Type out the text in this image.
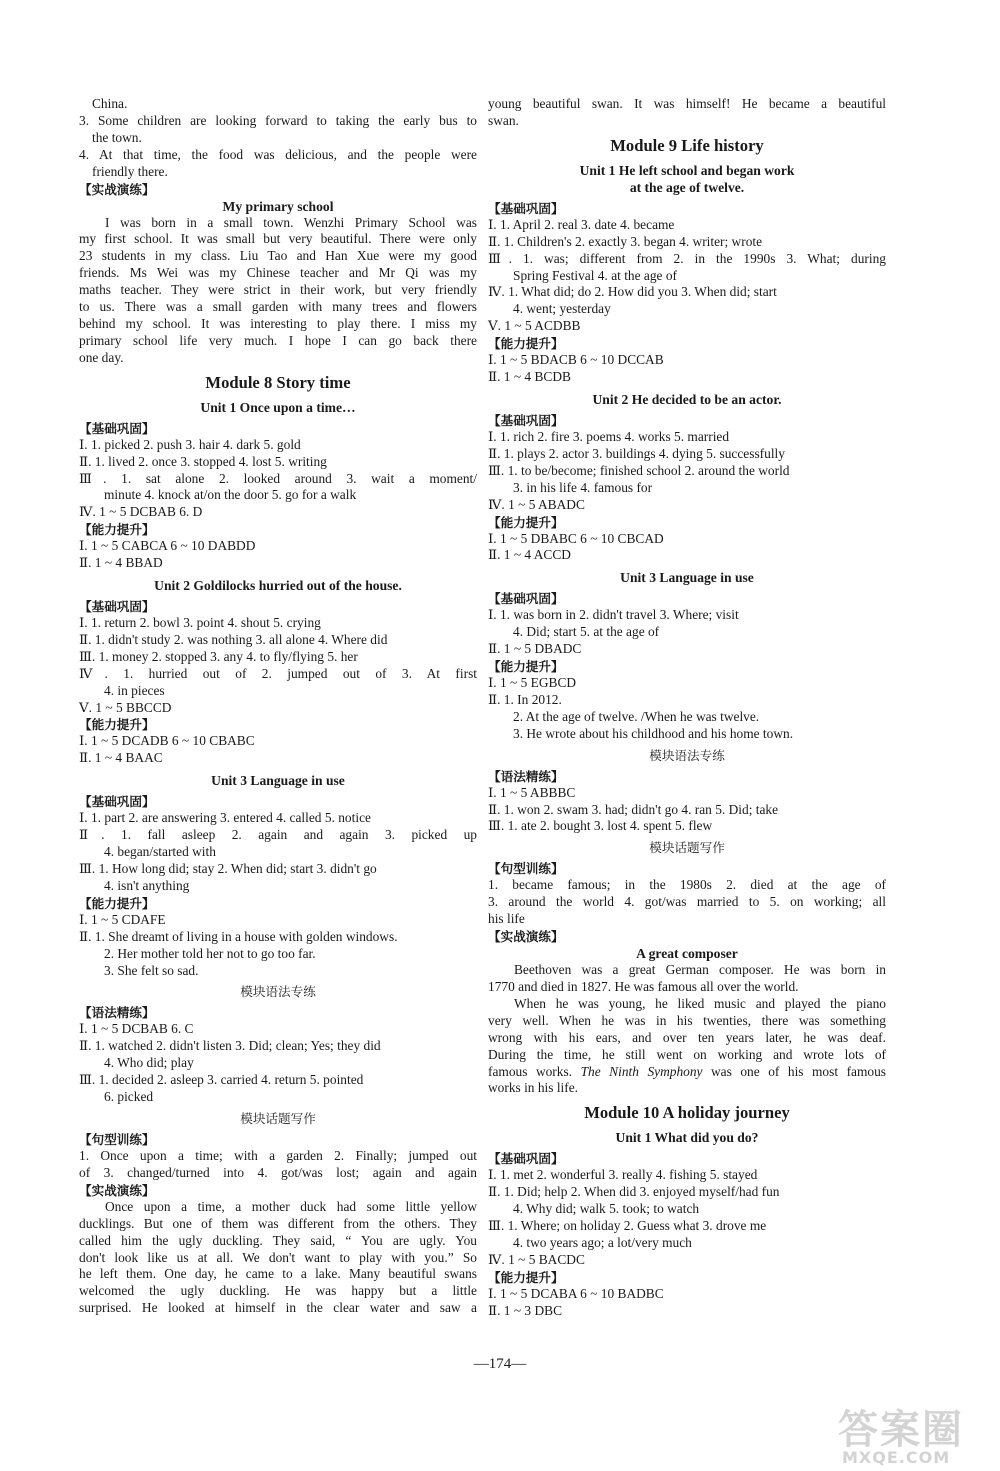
China.
3. Some children are looking forward to taking the early bus to
the town.
4. At that time, the food was delicious, and the people were
friendly there.
【实战演练】
My primary school
I was born in a small town. Wenzhi Primary School was
my first school. It was small but very beautiful. There were only
23 students in my class. Liu Tao and Han Xue were my good
friends. Ms Wei was my Chinese teacher and Mr Qi was my
maths teacher. They were strict in their work, but very friendly
to us. There was a small garden with many trees and flowers
behind my school. It was interesting to play there. I miss my
primary school life very much. I hope I can go back there
one day.
Module 8 Story time
Unit 1 Once upon a time…
【基础巩固】
Ⅰ. 1. picked 2. push 3. hair 4. dark 5. gold
Ⅱ. 1. lived 2. once 3. stopped 4. lost 5. writing
Ⅲ. 1. sat alone 2. looked around 3. wait a moment/
minute 4. knock at/on the door 5. go for a walk
Ⅳ. 1 ~ 5 DCBAB 6. D
【能力提升】
Ⅰ. 1 ~ 5 CABCA 6 ~ 10 DABDD
Ⅱ. 1 ~ 4 BBAD
Unit 2 Goldilocks hurried out of the house.
【基础巩固】
Ⅰ. 1. return 2. bowl 3. point 4. shout 5. crying
Ⅱ. 1. didn't study 2. was nothing 3. all alone 4. Where did
Ⅲ. 1. money 2. stopped 3. any 4. to fly/flying 5. her
Ⅳ. 1. hurried out of 2. jumped out of 3. At first
4. in pieces
Ⅴ. 1 ~ 5 BBCCD
【能力提升】
Ⅰ. 1 ~ 5 DCADB 6 ~ 10 CBABC
Ⅱ. 1 ~ 4 BAAC
Unit 3 Language in use
【基础巩固】
Ⅰ. 1. part 2. are answering 3. entered 4. called 5. notice
Ⅱ. 1. fall asleep 2. again and again 3. picked up
4. began/started with
Ⅲ. 1. How long did; stay 2. When did; start 3. didn't go
4. isn't anything
【能力提升】
Ⅰ. 1 ~ 5 CDAFE
Ⅱ. 1. She dreamt of living in a house with golden windows.
2. Her mother told her not to go too far.
3. She felt so sad.
模块语法专练
【语法精练】
Ⅰ. 1 ~ 5 DCBAB 6. C
Ⅱ. 1. watched 2. didn't listen 3. Did; clean; Yes; they did
4. Who did; play
Ⅲ. 1. decided 2. asleep 3. carried 4. return 5. pointed
6. picked
模块话题写作
【句型训练】
1. Once upon a time; with a garden 2. Finally; jumped out
of 3. changed/turned into 4. got/was lost; again and again
【实战演练】
Once upon a time, a mother duck had some little yellow
ducklings. But one of them was different from the others. They
called him the ugly duckling. They said, “ You are ugly. You
don't look like us at all. We don't want to play with you.” So
he left them. One day, he came to a lake. Many beautiful swans
welcomed the ugly duckling. He was happy but a little
surprised. He looked at himself in the clear water and saw a
young beautiful swan. It was himself! He became a beautiful
swan.
Module 9 Life history
Unit 1 He left school and began work
at the age of twelve.
【基础巩固】
Ⅰ. 1. April 2. real 3. date 4. became
Ⅱ. 1. Children's 2. exactly 3. began 4. writer; wrote
Ⅲ. 1. was; different from 2. in the 1990s 3. What; during
Spring Festival 4. at the age of
Ⅳ. 1. What did; do 2. How did you 3. When did; start
4. went; yesterday
Ⅴ. 1 ~ 5 ACDBB
【能力提升】
Ⅰ. 1 ~ 5 BDACB 6 ~ 10 DCCAB
Ⅱ. 1 ~ 4 BCDB
Unit 2 He decided to be an actor.
【基础巩固】
Ⅰ. 1. rich 2. fire 3. poems 4. works 5. married
Ⅱ. 1. plays 2. actor 3. buildings 4. dying 5. successfully
Ⅲ. 1. to be/become; finished school 2. around the world
3. in his life 4. famous for
Ⅳ. 1 ~ 5 ABADC
【能力提升】
Ⅰ. 1 ~ 5 DBABC 6 ~ 10 CBCAD
Ⅱ. 1 ~ 4 ACCD
Unit 3 Language in use
【基础巩固】
Ⅰ. 1. was born in 2. didn't travel 3. Where; visit
4. Did; start 5. at the age of
Ⅱ. 1 ~ 5 DBADC
【能力提升】
Ⅰ. 1 ~ 5 EGBCD
Ⅱ. 1. In 2012.
2. At the age of twelve. /When he was twelve.
3. He wrote about his childhood and his home town.
模块语法专练
【语法精练】
Ⅰ. 1 ~ 5 ABBBC
Ⅱ. 1. won 2. swam 3. had; didn't go 4. ran 5. Did; take
Ⅲ. 1. ate 2. bought 3. lost 4. spent 5. flew
模块话题写作
【句型训练】
1. became famous; in the 1980s 2. died at the age of
3. around the world 4. got/was married to 5. on working; all
his life
【实战演练】
A great composer
Beethoven was a great German composer. He was born in
1770 and died in 1827. He was famous all over the world.
When he was young, he liked music and played the piano
very well. When he was in his twenties, there was something
wrong with his ears, and over ten years later, he was deaf.
During the time, he still went on working and wrote lots of
famous works. The Ninth Symphony was one of his most famous
works in his life.
Module 10 A holiday journey
Unit 1 What did you do?
【基础巩固】
Ⅰ. 1. met 2. wonderful 3. really 4. fishing 5. stayed
Ⅱ. 1. Did; help 2. When did 3. enjoyed myself/had fun
4. Why did; walk 5. took; to watch
Ⅲ. 1. Where; on holiday 2. Guess what 3. drove me
4. two years ago; a lot/very much
Ⅳ. 1 ~ 5 BACDC
【能力提升】
Ⅰ. 1 ~ 5 DCABA 6 ~ 10 BADBC
Ⅱ. 1 ~ 3 DBC
—174—
答案圈
MXQE.COM
